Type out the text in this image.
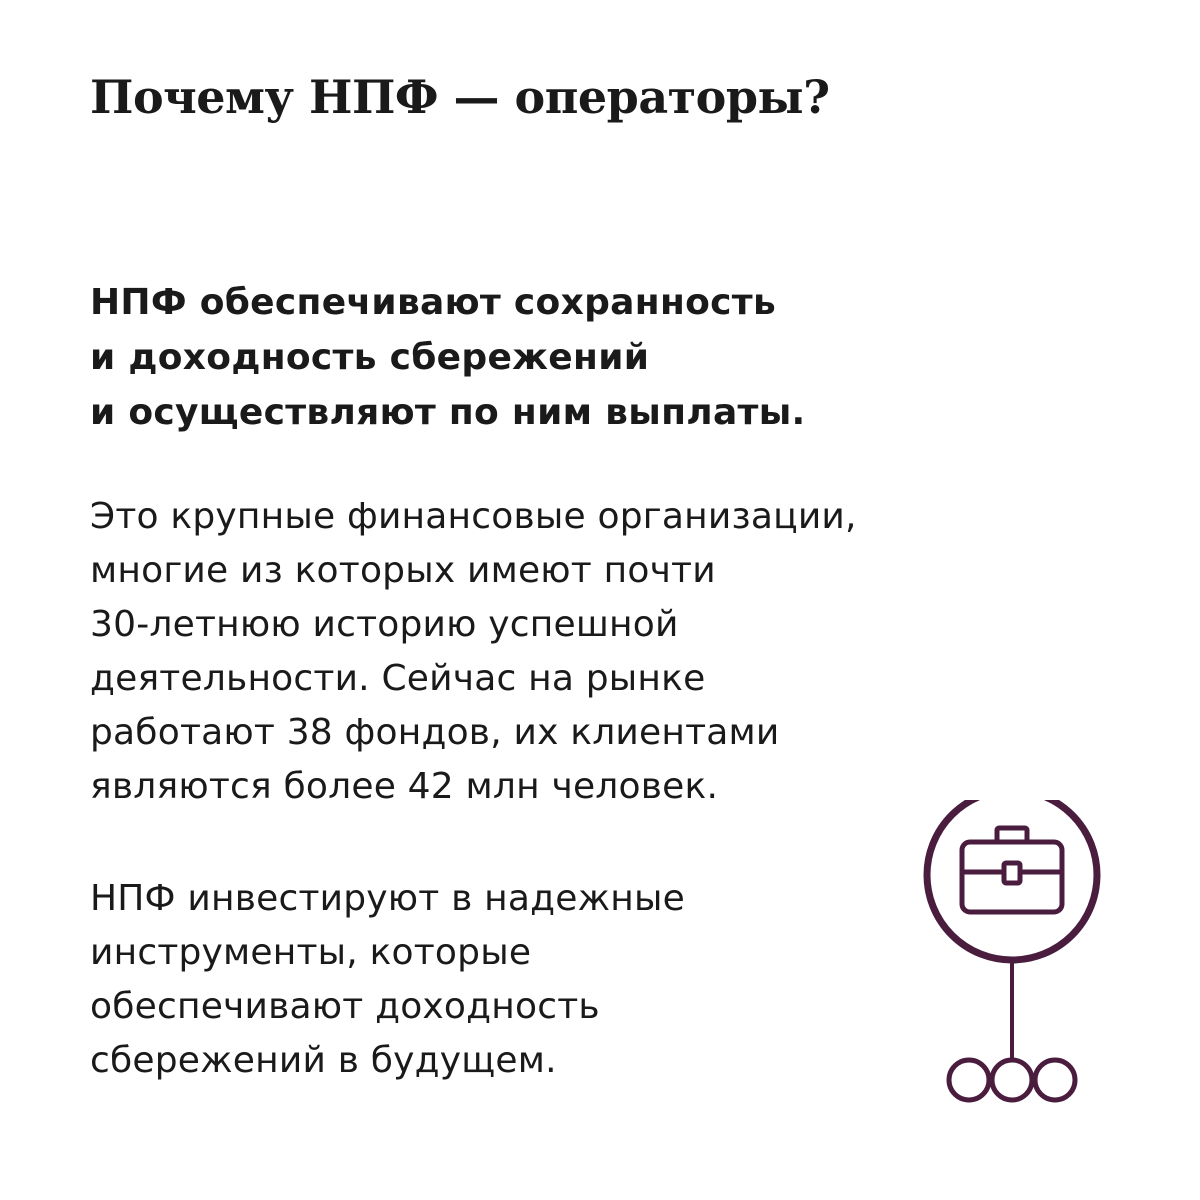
Почему НПФ — операторы?
НПФ обеспечивают сохранность
и доходность сбережений
и осуществляют по ним выплаты.
Это крупные финансовые организации,
многие из которых имеют почти
30-летнюю историю успешной
деятельности. Сейчас на рынке
работают 38 фондов, их клиентами
являются более 42 млн человек.
НПФ инвестируют в надежные
инструменты, которые
обеспечивают доходность
сбережений в будущем.
